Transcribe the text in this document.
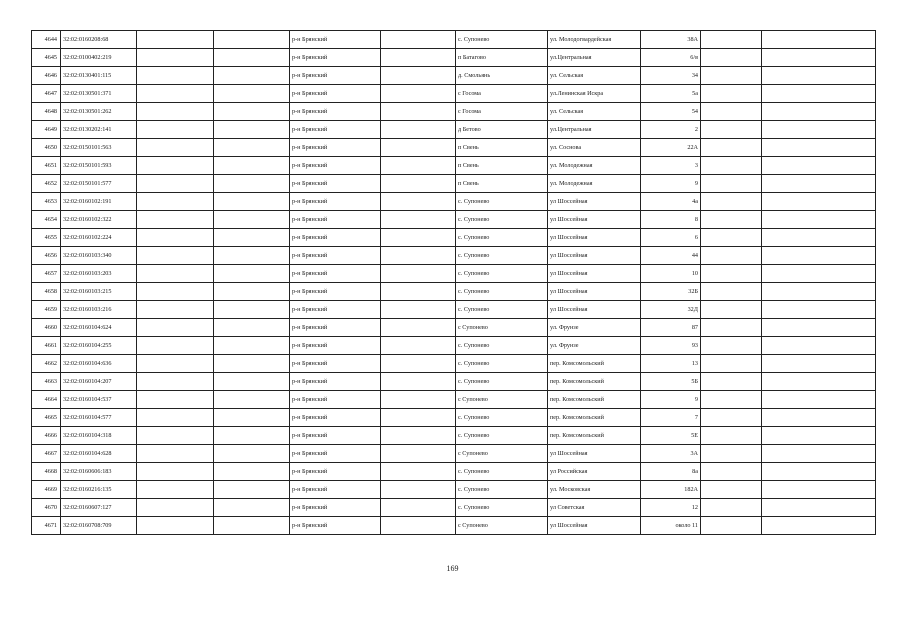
4644	32:02:0160208:68			р-н Брянский		с. Супонево	ул. Молодогвардейская	38А		
4645	32:02:0100402:219			р-н Брянский		п Батагово	ул.Центральная	6/в		
4646	32:02:0130401:115			р-н Брянский		д. Смольянь	ул. Сельская	34		
4647	32:02:0130501:371			р-н Брянский		с Госома	ул.Ленинская Искра	5а		
4648	32:02:0130501:262			р-н Брянский		с Госома	ул. Сельская	54		
4649	32:02:0130202:141			р-н Брянский		д Бетово	ул.Центральная	2		
4650	32:02:0150101:563			р-н Брянский		п Свень	ул. Соснова	22А		
4651	32:02:0150101:593			р-н Брянский		п Свень	ул. Молодежная	3		
4652	32:02:0150101:577			р-н Брянский		п Свень	ул. Молодежная	9		
4653	32:02:0160102:191			р-н Брянский		с. Супонево	ул Шоссейная	4а		
4654	32:02:0160102:322			р-н Брянский		с. Супонево	ул Шоссейная	8		
4655	32:02:0160102:224			р-н Брянский		с. Супонево	ул Шоссейная	6		
4656	32:02:0160103:340			р-н Брянский		с. Супонево	ул Шоссейная	44		
4657	32:02:0160103:203			р-н Брянский		с. Супонево	ул Шоссейная	10		
4658	32:02:0160103:215			р-н Брянский		с. Супонево	ул Шоссейная	32Б		
4659	32:02:0160103:216			р-н Брянский		с. Супонево	ул Шоссейная	32Д		
4660	32:02:0160104:624			р-н Брянский		с Супонево	ул. Фрунзе	87		
4661	32:02:0160104:255			р-н Брянский		с. Супонево	ул. Фрунзе	93		
4662	32:02:0160104:636			р-н Брянский		с. Супонево	пер. Комсомольский	13		
4663	32:02:0160104:207			р-н Брянский		с. Супонево	пер. Комсомольский	5Б		
4664	32:02:0160104:537			р-н Брянский		с Супонево	пер. Комсомольский	9		
4665	32:02:0160104:577			р-н Брянский		с. Супонево	пер. Комсомольский	7		
4666	32:02:0160104:318			р-н Брянский		с. Супонево	пер. Комсомольский	5Е		
4667	32:02:0160104:628			р-н Брянский		с Супонево	ул Шоссейная	3А		
4668	32:02:0160606:183			р-н Брянский		с. Супонево	ул Российская	8а		
4669	32:02:0160216:135			р-н Брянский		с. Супонево	ул. Московская	182А		
4670	32:02:0160607:127			р-н Брянский		с. Супонево	ул Советская	12		
4671	32:02:0160708:709			р-н Брянский		с Супонево	ул Шоссейная	около 11		
169
